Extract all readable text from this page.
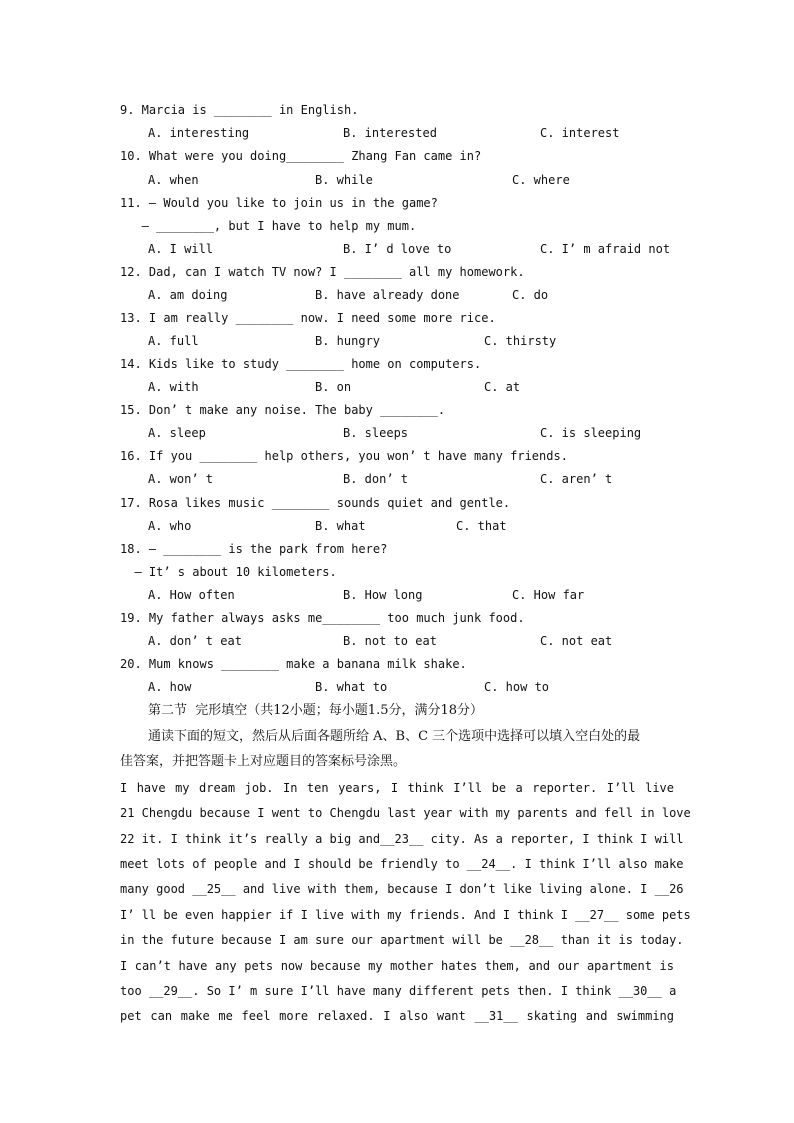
9. Marcia is ________ in English.
A. interesting	B. interested	C. interest
10. What were you doing________ Zhang Fan came in?
A. when	B. while	C. where
11. — Would you like to join us in the game?
— ________, but I have to help my mum.
A. I will	B. I’ d love to	C. I’ m afraid not
12. Dad, can I watch TV now? I ________ all my homework.
A. am doing	B. have already done	C. do
13. I am really ________ now. I need some more rice.
A. full	B. hungry	C. thirsty
14. Kids like to study ________ home on computers.
A. with	B. on	C. at
15. Don’ t make any noise. The baby ________.
A. sleep	B. sleeps	C. is sleeping
16. If you ________ help others, you won’ t have many friends.
A. won’ t	B. don’ t	C. aren’ t
17. Rosa likes music ________ sounds quiet and gentle.
A. who	B. what	C. that
18. — ________ is the park from here?
— It’ s about 10 kilometers.
A. How often	B. How long	C. How far
19. My father always asks me________ too much junk food.
A. don’ t eat	B. not to eat	C. not eat
20. Mum knows ________ make a banana milk shake.
A. how	B. what to	C. how to
第二节  完形填空（共12小题；每小题1.5分，满分18分）
通读下面的短文，然后从后面各题所给 A、B、C 三个选项中选择可以填入空白处的最
佳答案，并把答题卡上对应题目的答案标号涂黑。
I have my dream job. In ten years, I think I’ll be a reporter. I’ll live
21 Chengdu because I went to Chengdu last year with my parents and fell in love
22 it. I think it’s really a big and__23__ city. As a reporter, I think I will
meet lots of people and I should be friendly to __24__. I think I’ll also make
many good __25__ and live with them, because I don’t like living alone. I __26
I’ ll be even happier if I live with my friends. And I think I __27__ some pets
in the future because I am sure our apartment will be __28__ than it is today.
I can’t have any pets now because my mother hates them, and our apartment is
too __29__. So I’ m sure I’ll have many different pets then. I think __30__ a
pet can make me feel more relaxed. I also want __31__ skating and swimming
